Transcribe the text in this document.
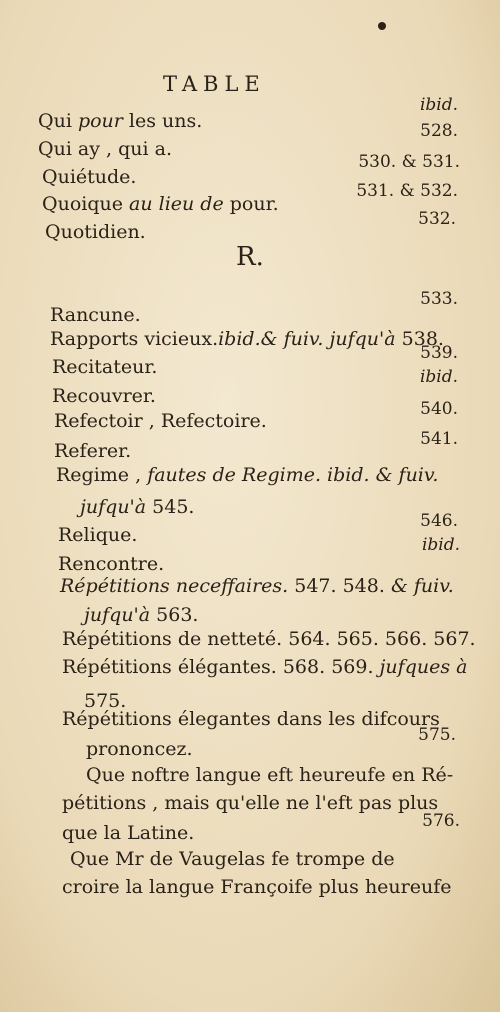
TABLE
Qui pour les uns.
ibid.
Qui ay , qui a.
528.
Quiétude.
530. & 531.
Quoique au lieu de pour.
531. & 532.
Quotidien.
532.
R.
Rancune.
533.
Rapports vicieux.ibid.& fuiv. jufqu'à 538.
Recitateur.
539.
Recouvrer.
ibid.
Refectoir , Refectoire.
540.
Referer.
541.
Regime , fautes de Regime. ibid. & fuiv.
jufqu'à 545.
Relique.
546.
Rencontre.
ibid.
Répétitions neceffaires. 547. 548. & fuiv.
jufqu'à 563.
Répétitions de netteté. 564. 565. 566. 567.
Répétitions élégantes. 568. 569. jufques à
575.
Répétitions élegantes dans les difcours
prononcez.
575.
Que noftre langue eft heureufe en Ré-
pétitions , mais qu'elle ne l'eft pas plus
que la Latine.
576.
Que Mr de Vaugelas fe trompe de
croire la langue Françoife plus heureufe
